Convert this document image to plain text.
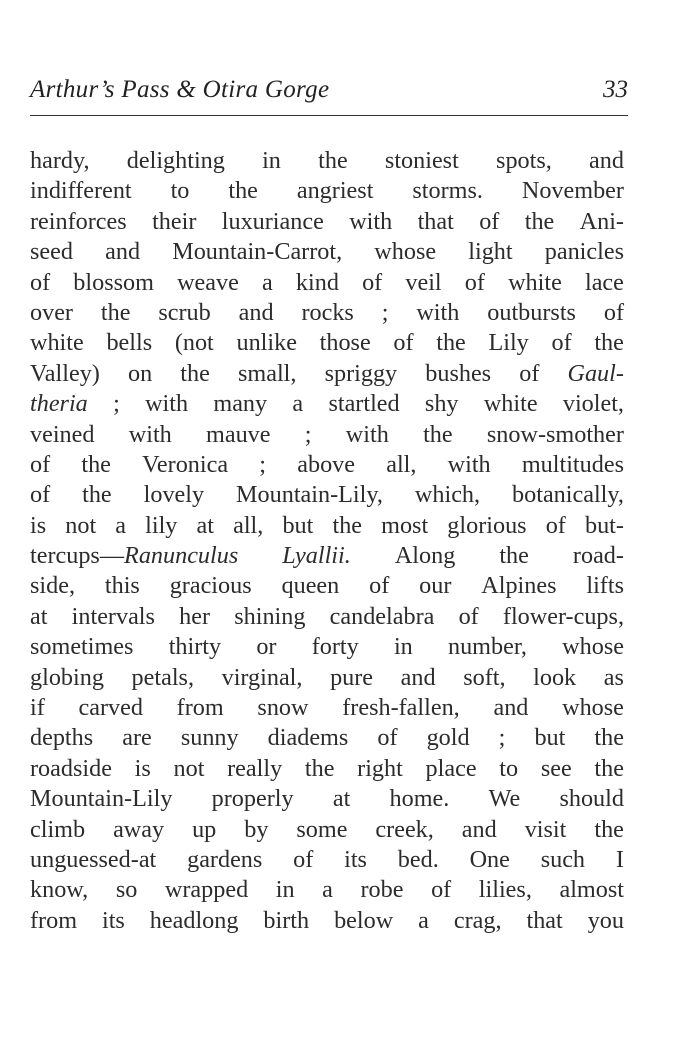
Arthur’s Pass & Otira Gorge	33
hardy, delighting in the stoniest spots, and
indifferent to the angriest storms. November
reinforces their luxuriance with that of the Ani-
seed and Mountain-Carrot, whose light panicles
of blossom weave a kind of veil of white lace
over the scrub and rocks ; with outbursts of
white bells (not unlike those of the Lily of the
Valley) on the small, spriggy bushes of Gaul-
theria ; with many a startled shy white violet,
veined with mauve ; with the snow-smother
of the Veronica ; above all, with multitudes
of the lovely Mountain-Lily, which, botanically,
is not a lily at all, but the most glorious of but-
tercups—Ranunculus Lyallii. Along the road-
side, this gracious queen of our Alpines lifts
at intervals her shining candelabra of flower-cups,
sometimes thirty or forty in number, whose
globing petals, virginal, pure and soft, look as
if carved from snow fresh-fallen, and whose
depths are sunny diadems of gold ; but the
roadside is not really the right place to see the
Mountain-Lily properly at home. We should
climb away up by some creek, and visit the
unguessed-at gardens of its bed. One such I
know, so wrapped in a robe of lilies, almost
from its headlong birth below a crag, that you
